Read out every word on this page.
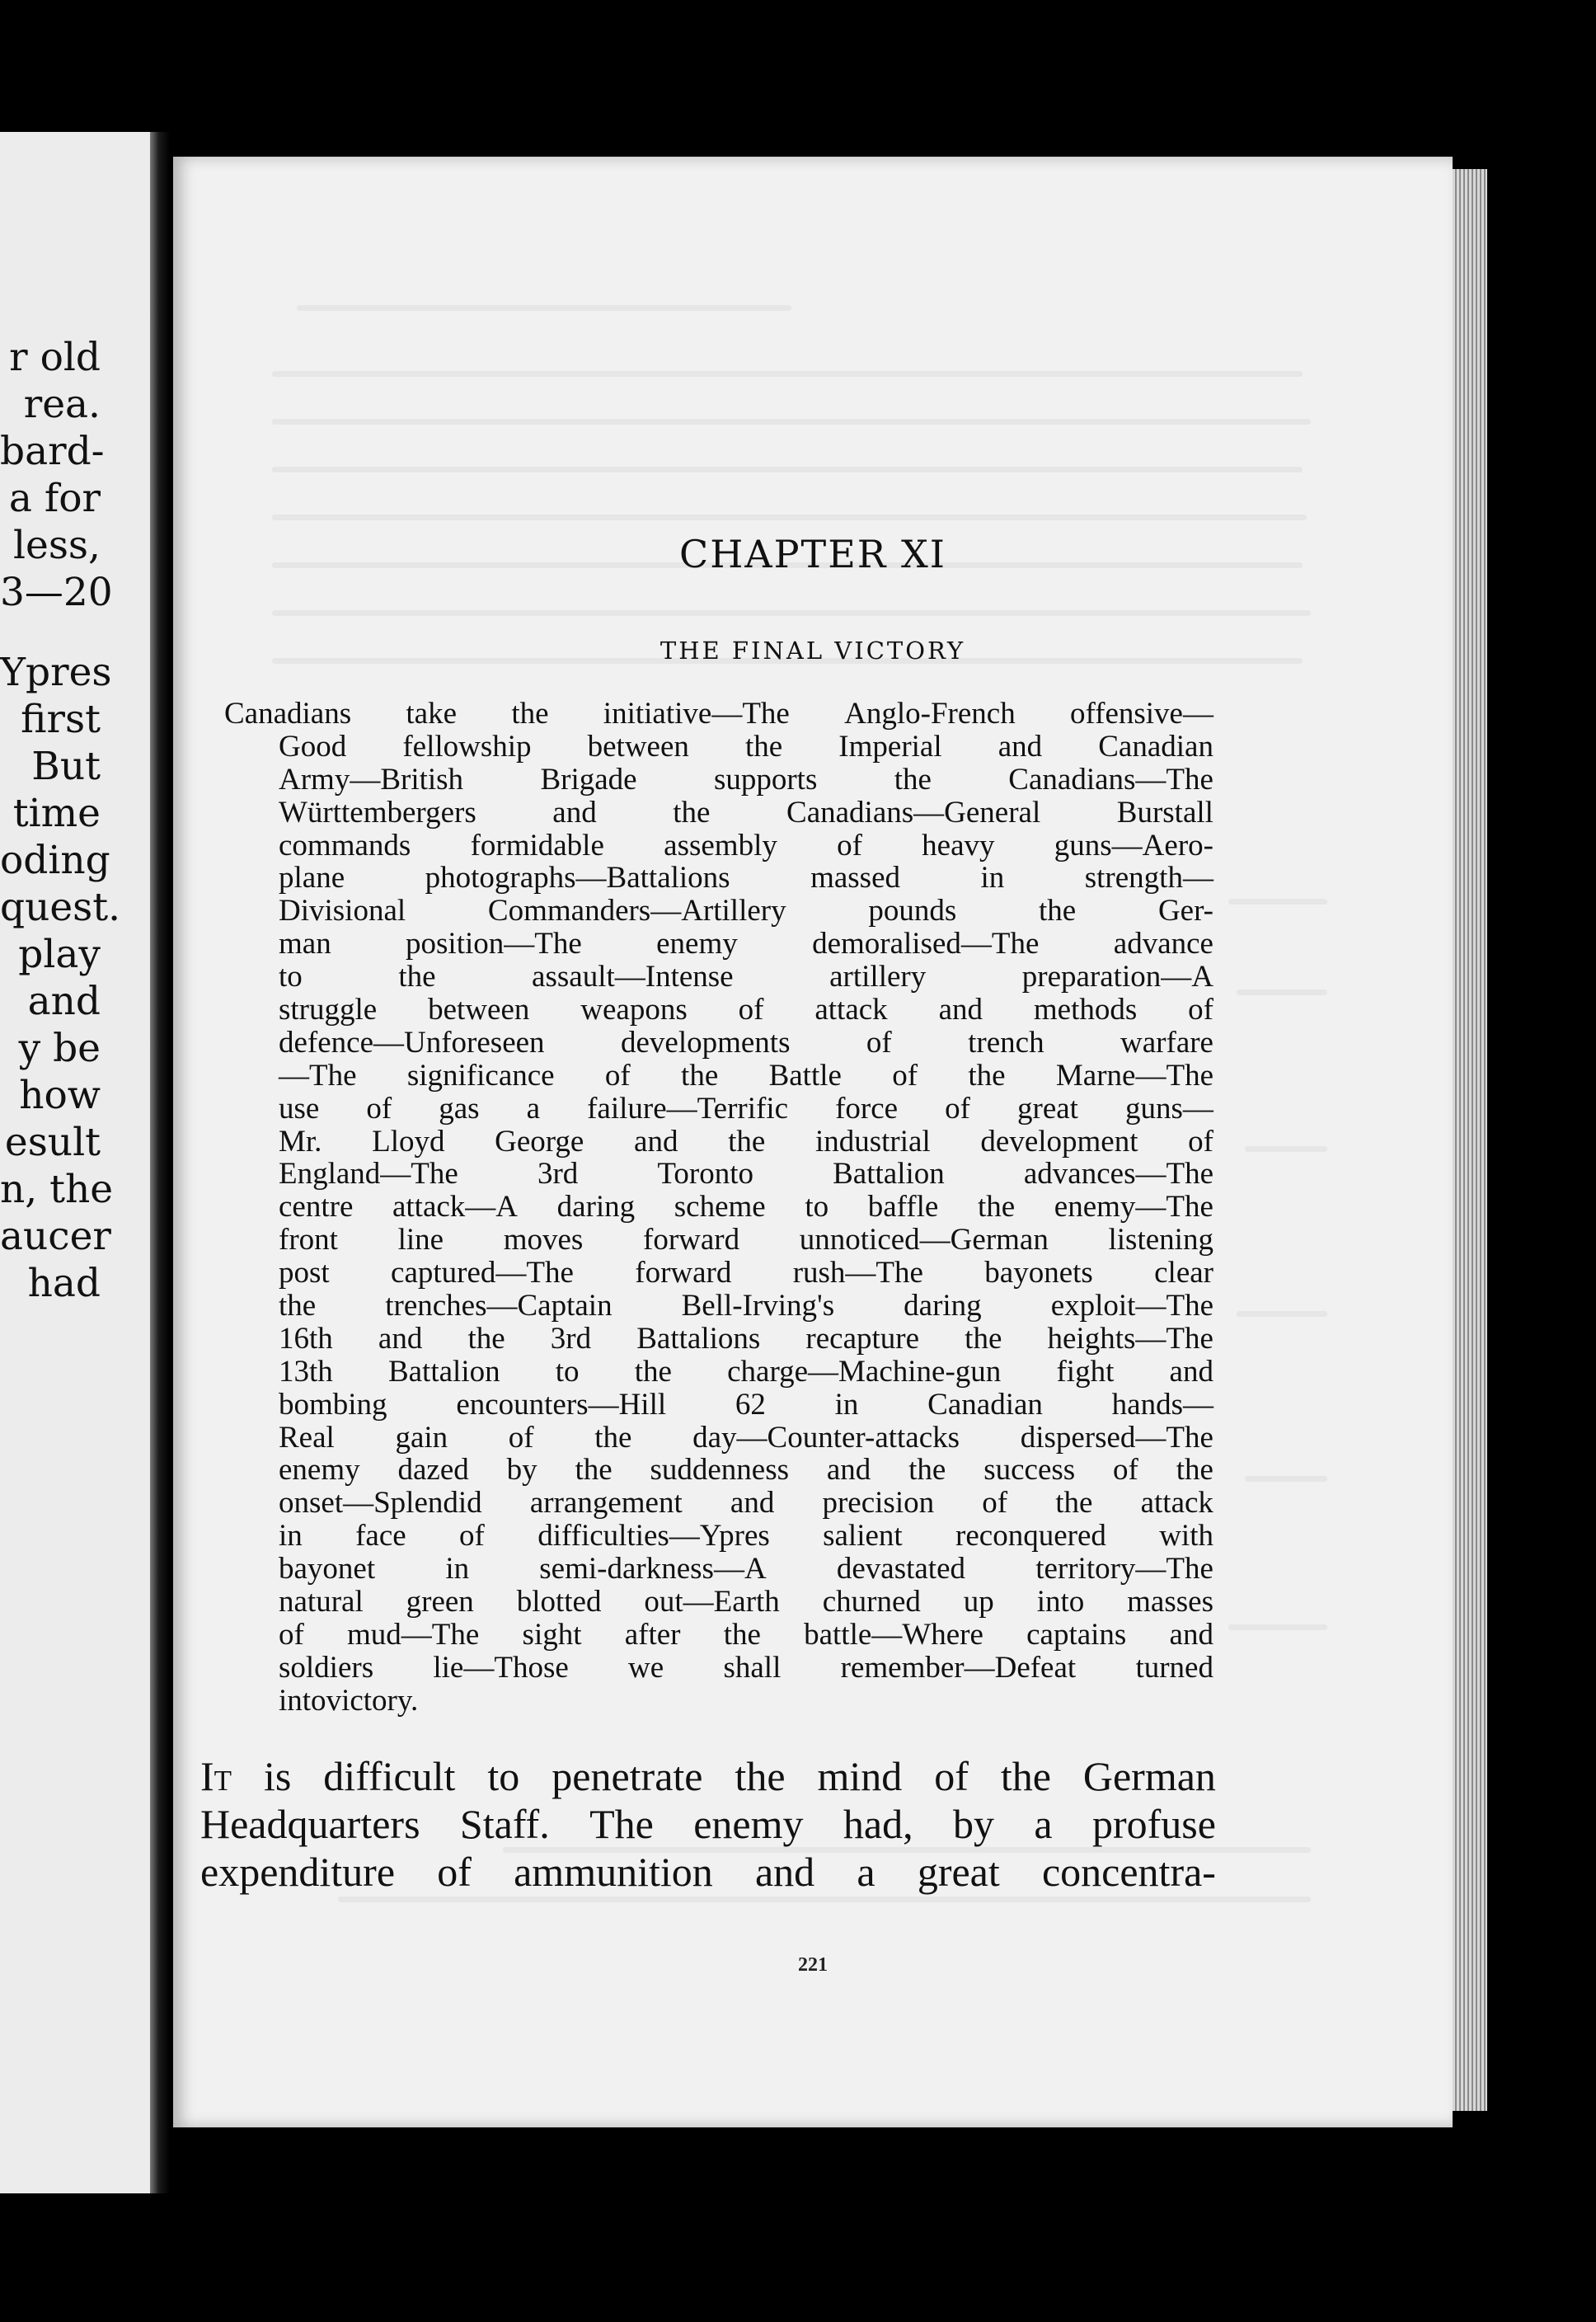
r old
rea.
bard-
a for
less,
3—20
Ypres
first
But
time
oding
quest.
play
and
y be
how
esult
n, the
aucer
had
CHAPTER XI
THE FINAL VICTORY
Canadians take the initiative—The Anglo-French offensive—
Good fellowship between the Imperial and Canadian
Army—British	Brigade	supports	the	Canadians—The
Württembergers	and	the	Canadians—General	Burstall
commands formidable assembly of heavy guns—Aero-
plane	photographs—Battalions	massed	in	strength—
Divisional	Commanders—Artillery	pounds	the	Ger-
man position—The enemy demoralised—The advance
to	the	assault—Intense	artillery	preparation—A
struggle between weapons of attack and methods of
defence—Unforeseen developments of trench warfare
—The significance of the Battle of the Marne—The
use of gas a failure—Terrific force of great guns—
Mr. Lloyd George and the industrial development of
England—The	3rd	Toronto	Battalion	advances—The
centre attack—A daring scheme to baffle the enemy—The
front line moves forward unnoticed—German listening
post captured—The forward rush—The bayonets clear
the trenches—Captain Bell-Irving's daring exploit—The
16th and the 3rd Battalions recapture the heights—The
13th Battalion to the charge—Machine-gun fight and
bombing encounters—Hill 62 in Canadian hands—
Real gain of the day—Counter-attacks dispersed—The
enemy dazed by the suddenness and the success of the
onset—Splendid arrangement and precision of the attack
in face of difficulties—Ypres salient reconquered with
bayonet in semi-darkness—A devastated territory—The
natural green blotted out—Earth churned up into masses
of mud—The sight after the battle—Where captains and
soldiers lie—Those we shall remember—Defeat turned
into victory.
It is difficult to penetrate the mind of the German
Headquarters Staff. The enemy had, by a profuse
expenditure of ammunition and a great concentra-
221
